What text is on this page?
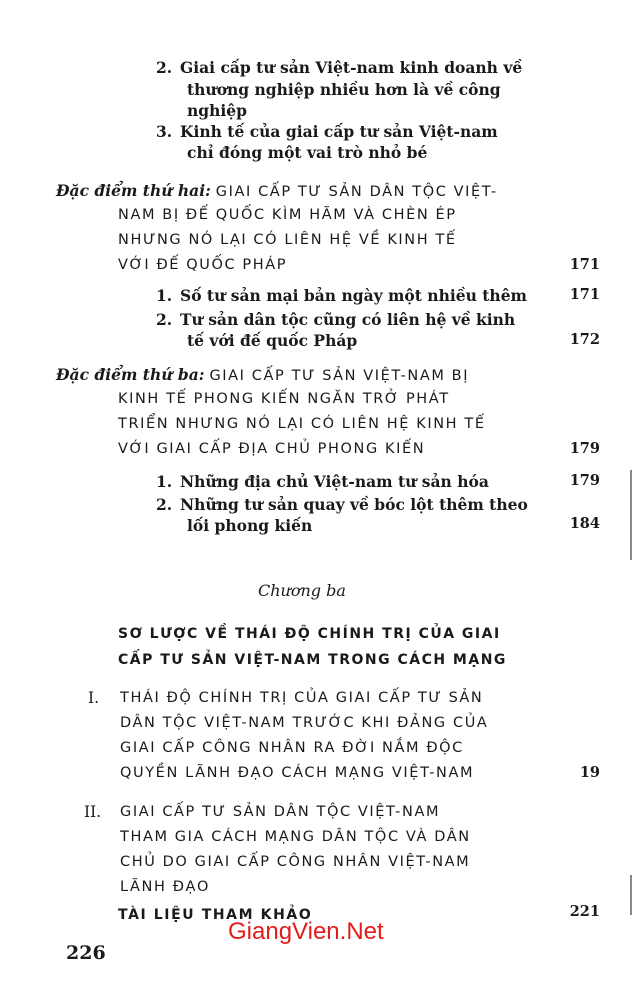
2. Giai cấp tư sản Việt-nam kinh doanh về
thương nghiệp nhiều hơn là về công
nghiệp
3. Kinh tế của giai cấp tư sản Việt-nam
chỉ đóng một vai trò nhỏ bé
Đặc điểm thứ hai: GIAI CẤP TƯ SẢN DÂN TỘC VIỆT-
NAM BỊ ĐẾ QUỐC KÌM HÃM VÀ CHÈN ÉP
NHƯNG NÓ LẠI CÓ LIÊN HỆ VỀ KINH TẾ
VỚI ĐẾ QUỐC PHÁP	171
1. Số tư sản mại bản ngày một nhiều thêm	171
2. Tư sản dân tộc cũng có liên hệ về kinh
tế với đế quốc Pháp	172
Đặc điểm thứ ba: GIAI CẤP TƯ SẢN VIỆT-NAM BỊ
KINH TẾ PHONG KIẾN NGĂN TRỞ PHÁT
TRIỂN NHƯNG NÓ LẠI CÓ LIÊN HỆ KINH TẾ
VỚI GIAI CẤP ĐỊA CHỦ PHONG KIẾN	179
1. Những địa chủ Việt-nam tư sản hóa	179
2. Những tư sản quay về bóc lột thêm theo
lối phong kiến	184
Chương ba
SƠ LƯỢC VỀ THÁI ĐỘ CHÍNH TRỊ CỦA GIAI
CẤP TƯ SẢN VIỆT-NAM TRONG CÁCH MẠNG
I. THÁI ĐỘ CHÍNH TRỊ CỦA GIAI CẤP TƯ SẢN
DÂN TỘC VIỆT-NAM TRƯỚC KHI ĐẢNG CỦA
GIAI CẤP CÔNG NHÂN RA ĐỜI NẮM ĐỘC
QUYỀN LÃNH ĐẠO CÁCH MẠNG VIỆT-NAM	19
II. GIAI CẤP TƯ SẢN DÂN TỘC VIỆT-NAM
THAM GIA CÁCH MẠNG DÂN TỘC VÀ DÂN
CHỦ DO GIAI CẤP CÔNG NHÂN VIỆT-NAM
LÃNH ĐẠO
TÀI LIỆU THAM KHẢO	221
GiangVien.Net
226
